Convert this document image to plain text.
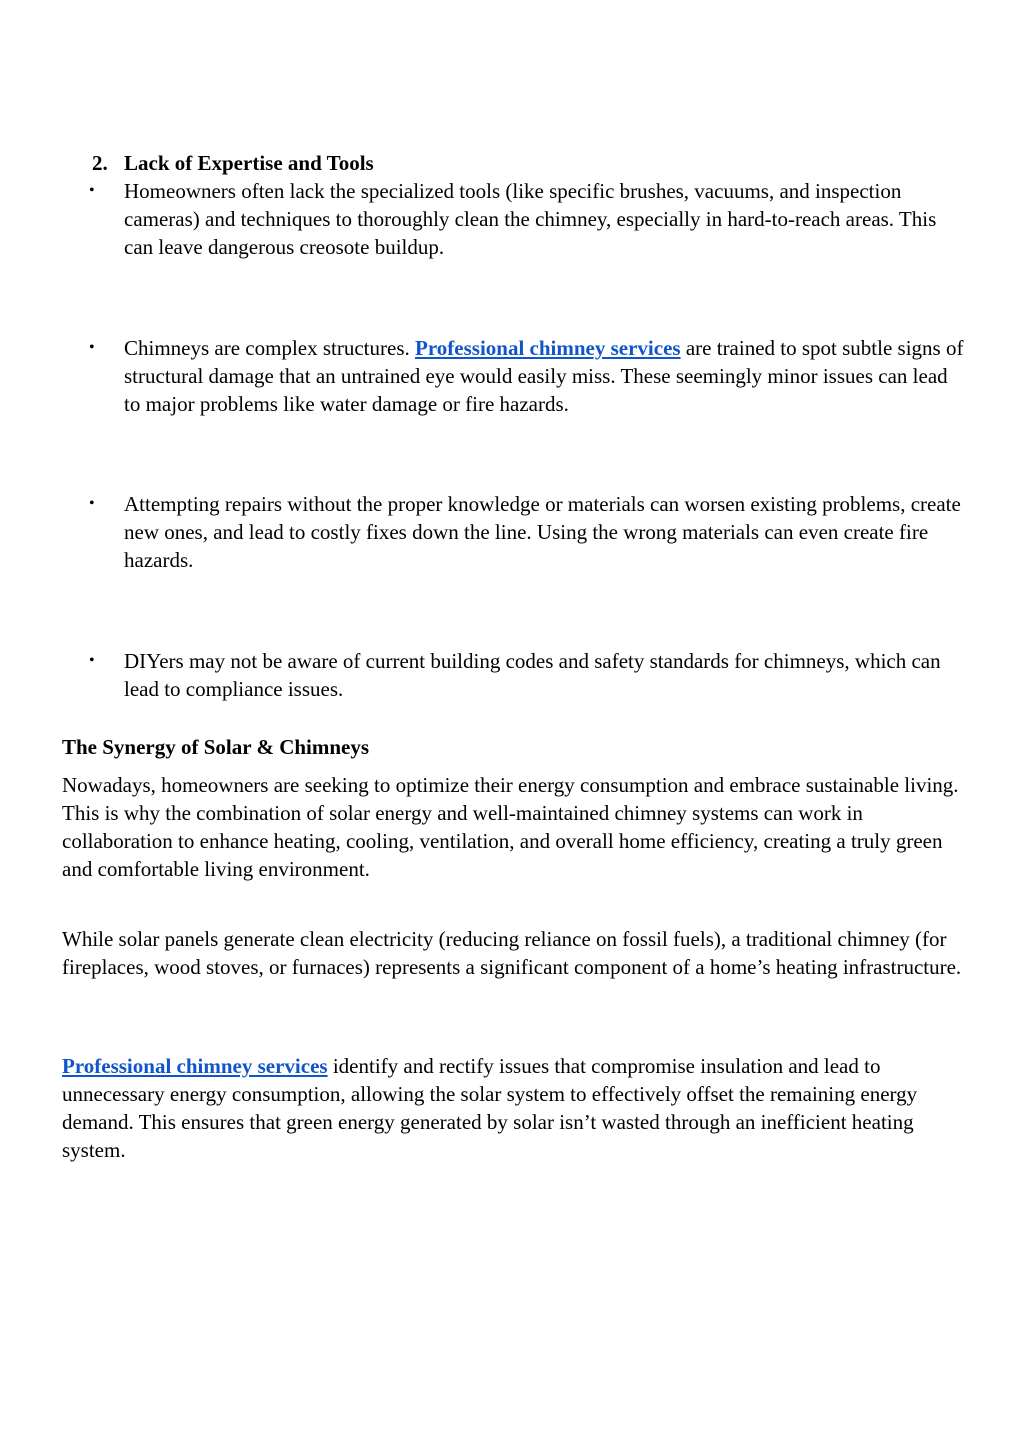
2. Lack of Expertise and Tools
•	Homeowners often lack the specialized tools (like specific brushes, vacuums, and inspection cameras) and techniques to thoroughly clean the chimney, especially in hard-to-reach areas. This can leave dangerous creosote buildup.
•	Chimneys are complex structures. Professional chimney services are trained to spot subtle signs of structural damage that an untrained eye would easily miss. These seemingly minor issues can lead to major problems like water damage or fire hazards.
•	Attempting repairs without the proper knowledge or materials can worsen existing problems, create new ones, and lead to costly fixes down the line. Using the wrong materials can even create fire hazards.
•	DIYers may not be aware of current building codes and safety standards for chimneys, which can lead to compliance issues.
The Synergy of Solar & Chimneys
Nowadays, homeowners are seeking to optimize their energy consumption and embrace sustainable living. This is why the combination of solar energy and well-maintained chimney systems can work in collaboration to enhance heating, cooling, ventilation, and overall home efficiency, creating a truly green and comfortable living environment.
While solar panels generate clean electricity (reducing reliance on fossil fuels), a traditional chimney (for fireplaces, wood stoves, or furnaces) represents a significant component of a home’s heating infrastructure.
Professional chimney services identify and rectify issues that compromise insulation and lead to unnecessary energy consumption, allowing the solar system to effectively offset the remaining energy demand. This ensures that green energy generated by solar isn’t wasted through an inefficient heating system.
